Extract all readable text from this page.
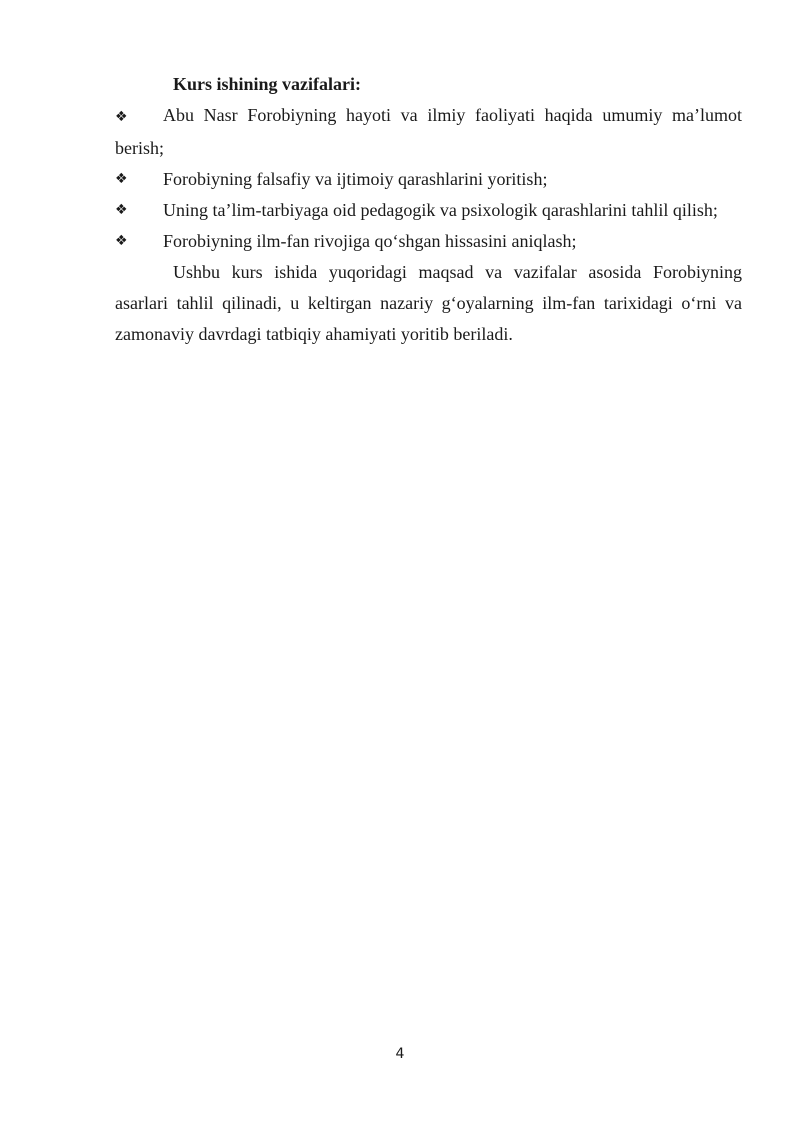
Kurs ishining vazifalari:

❖ Abu Nasr Forobiyning hayoti va ilmiy faoliyati haqida umumiy ma’lumot berish;
❖ Forobiyning falsafiy va ijtimoiy qarashlarini yoritish;
❖ Uning ta’lim-tarbiyaga oid pedagogik va psixologik qarashlarini tahlil qilish;
❖ Forobiyning ilm-fan rivojiga qo‘shgan hissasini aniqlash;

Ushbu kurs ishida yuqoridagi maqsad va vazifalar asosida Forobiyning asarlari tahlil qilinadi, u keltirgan nazariy g‘oyalarning ilm-fan tarixidagi o‘rni va zamonaviy davrdagi tatbiqiy ahamiyati yoritib beriladi.

4
